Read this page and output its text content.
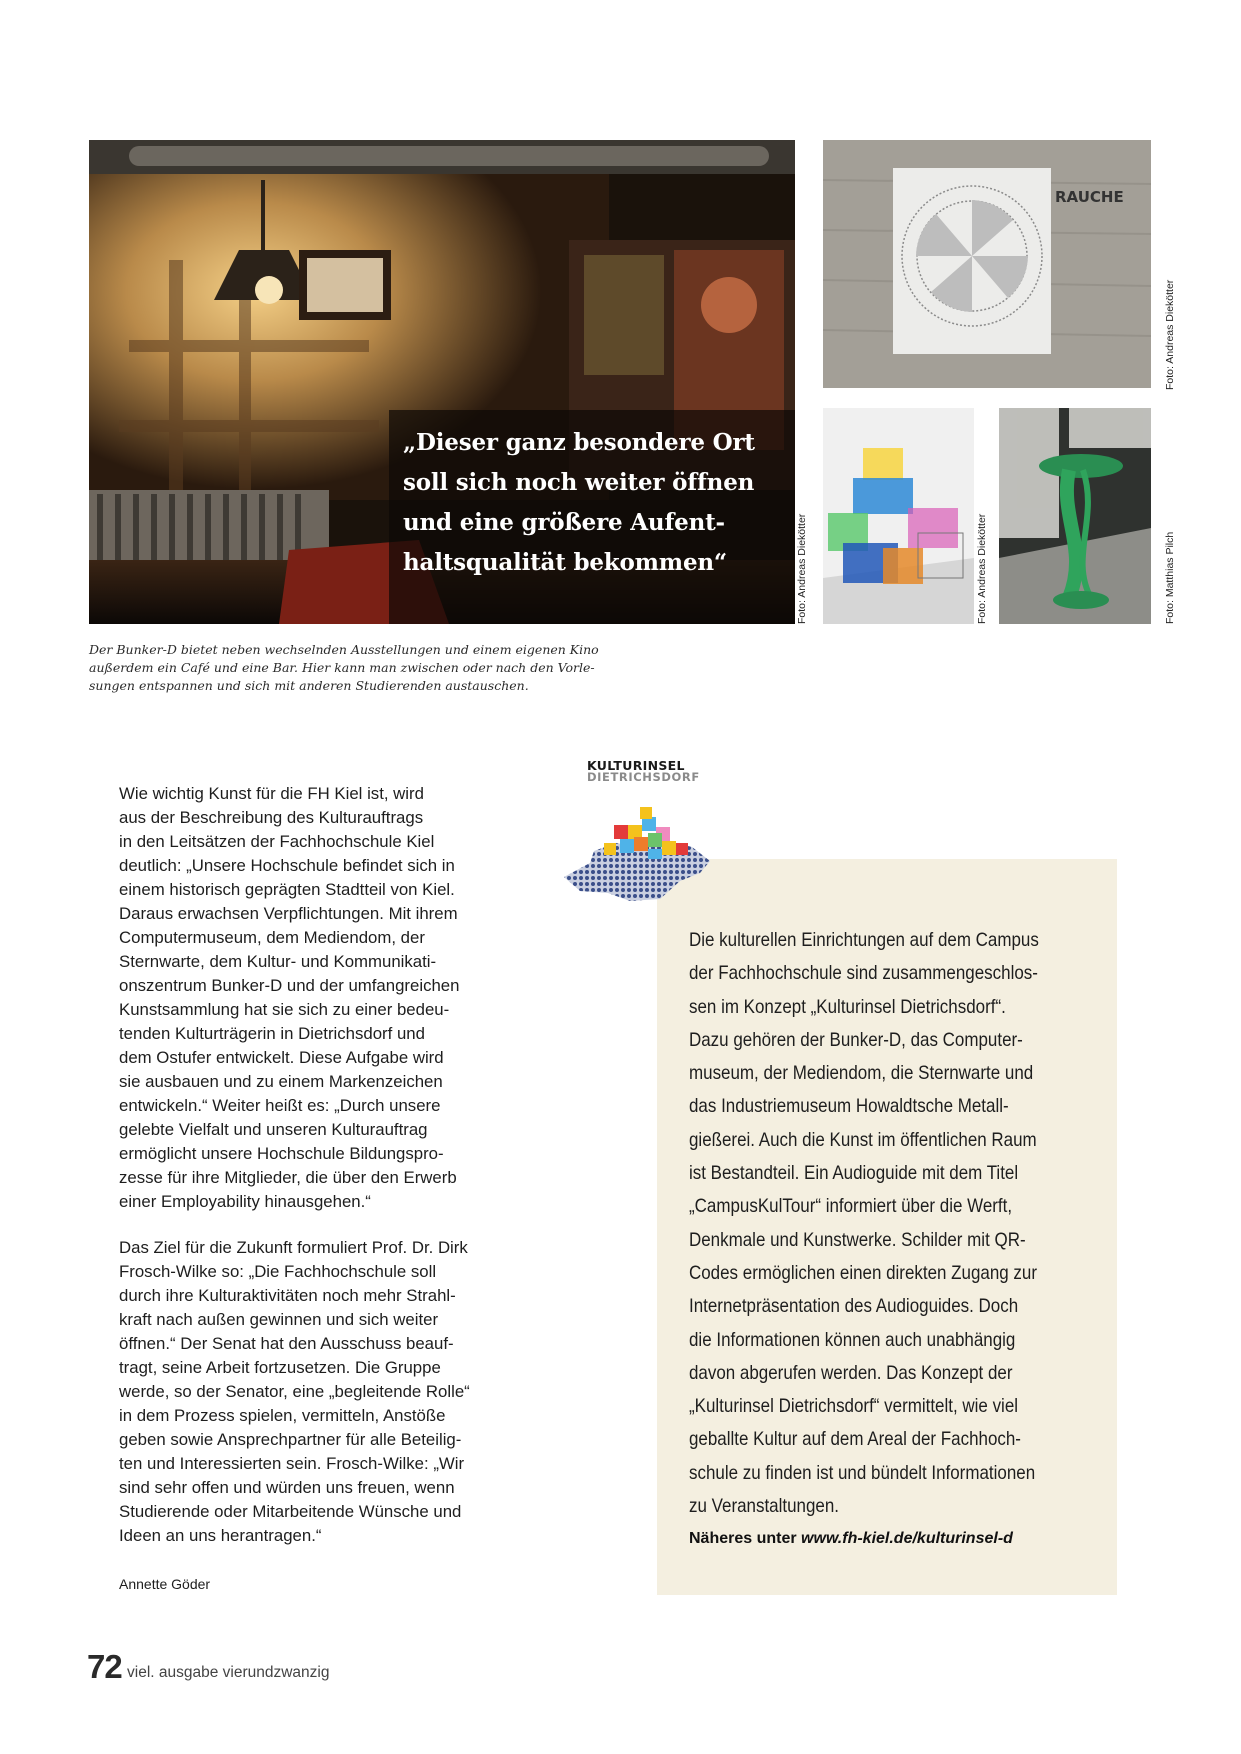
„Dieser ganz besondere Ort
soll sich noch weiter öffnen
und eine größere Aufent-
haltsqualität bekommen“
RAUCHE
Foto: Andreas Diekötter
Foto: Andreas Diekötter	Foto: Andreas Diekötter	Foto: Matthias Pilch
Der Bunker-D bietet neben wechselnden Ausstellungen und einem eigenen Kino
außerdem ein Café und eine Bar. Hier kann man zwischen oder nach den Vorle-
sungen entspannen und sich mit anderen Studierenden austauschen.
Wie wichtig Kunst für die FH Kiel ist, wird
aus der Beschreibung des Kulturauftrags
in den Leitsätzen der Fachhochschule Kiel
deutlich: „Unsere Hochschule befindet sich in
einem historisch geprägten Stadtteil von Kiel.
Daraus erwachsen Verpflichtungen. Mit ihrem
Computermuseum, dem Mediendom, der
Sternwarte, dem Kultur- und Kommunikati-
onszentrum Bunker-D und der umfangreichen
Kunstsammlung hat sie sich zu einer bedeu-
tenden Kulturträgerin in Dietrichsdorf und
dem Ostufer entwickelt. Diese Aufgabe wird
sie ausbauen und zu einem Markenzeichen
entwickeln.“ Weiter heißt es: „Durch unsere
gelebte Vielfalt und unseren Kulturauftrag
ermöglicht unsere Hochschule Bildungspro-
zesse für ihre Mitglieder, die über den Erwerb
einer Employability hinausgehen.“
Das Ziel für die Zukunft formuliert Prof. Dr. Dirk
Frosch-Wilke so: „Die Fachhochschule soll
durch ihre Kulturaktivitäten noch mehr Strahl-
kraft nach außen gewinnen und sich weiter
öffnen.“ Der Senat hat den Ausschuss beauf-
tragt, seine Arbeit fortzusetzen. Die Gruppe
werde, so der Senator, eine „begleitende Rolle“
in dem Prozess spielen, vermitteln, Anstöße
geben sowie Ansprechpartner für alle Beteilig-
ten und Interessierten sein. Frosch-Wilke: „Wir
sind sehr offen und würden uns freuen, wenn
Studierende oder Mitarbeitende Wünsche und
Ideen an uns herantragen.“
Annette Göder
KULTURINSEL
DIETRICHSDORF
Die kulturellen Einrichtungen auf dem Campus
der Fachhochschule sind zusammengeschlos-
sen im Konzept „Kulturinsel Dietrichsdorf“.
Dazu gehören der Bunker-D, das Computer-
museum, der Mediendom, die Sternwarte und
das Industriemuseum Howaldtsche Metall-
gießerei. Auch die Kunst im öffentlichen Raum
ist Bestandteil. Ein Audioguide mit dem Titel
„CampusKulTour“ informiert über die Werft,
Denkmale und Kunstwerke. Schilder mit QR-
Codes ermöglichen einen direkten Zugang zur
Internetpräsentation des Audioguides. Doch
die Informationen können auch unabhängig
davon abgerufen werden. Das Konzept der
„Kulturinsel Dietrichsdorf“ vermittelt, wie viel
geballte Kultur auf dem Areal der Fachhoch-
schule zu finden ist und bündelt Informationen
zu Veranstaltungen.
Näheres unter www.fh-kiel.de/kulturinsel-d
72 viel. ausgabe vierundzwanzig
